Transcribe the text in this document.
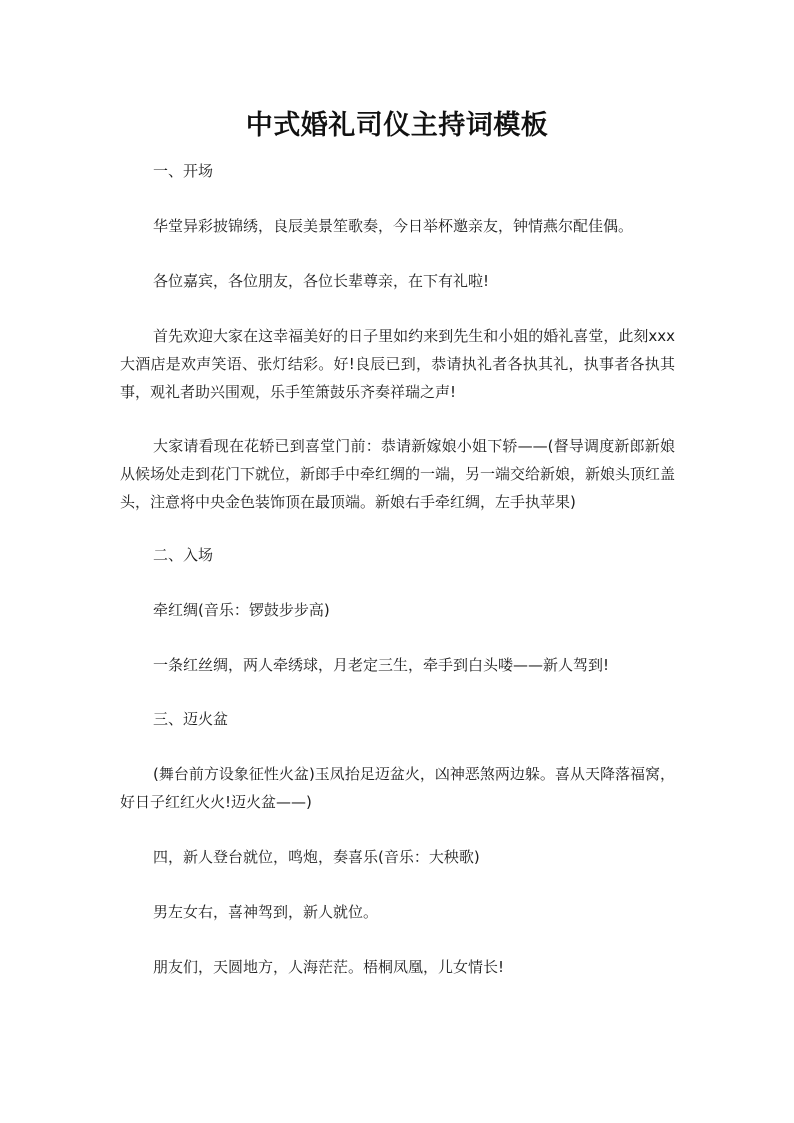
中式婚礼司仪主持词模板

一、开场

华堂异彩披锦绣，良辰美景笙歌奏，今日举杯邀亲友，钟情燕尔配佳偶。

各位嘉宾，各位朋友，各位长辈尊亲，在下有礼啦!

首先欢迎大家在这幸福美好的日子里如约来到先生和小姐的婚礼喜堂，此刻xxx大酒店是欢声笑语、张灯结彩。好!良辰已到，恭请执礼者各执其礼，执事者各执其事，观礼者助兴围观，乐手笙箫鼓乐齐奏祥瑞之声!

大家请看现在花轿已到喜堂门前：恭请新嫁娘小姐下轿——(督导调度新郎新娘从候场处走到花门下就位，新郎手中牵红绸的一端，另一端交给新娘，新娘头顶红盖头，注意将中央金色装饰顶在最顶端。新娘右手牵红绸，左手执苹果)

二、入场

牵红绸(音乐：锣鼓步步高)

一条红丝绸，两人牵绣球，月老定三生，牵手到白头喽——新人驾到!

三、迈火盆

(舞台前方设象征性火盆)玉凤抬足迈盆火，凶神恶煞两边躲。喜从天降落福窝，好日子红红火火!迈火盆——)

四，新人登台就位，鸣炮，奏喜乐(音乐：大秧歌)

男左女右，喜神驾到，新人就位。

朋友们，天圆地方，人海茫茫。梧桐凤凰，儿女情长!
